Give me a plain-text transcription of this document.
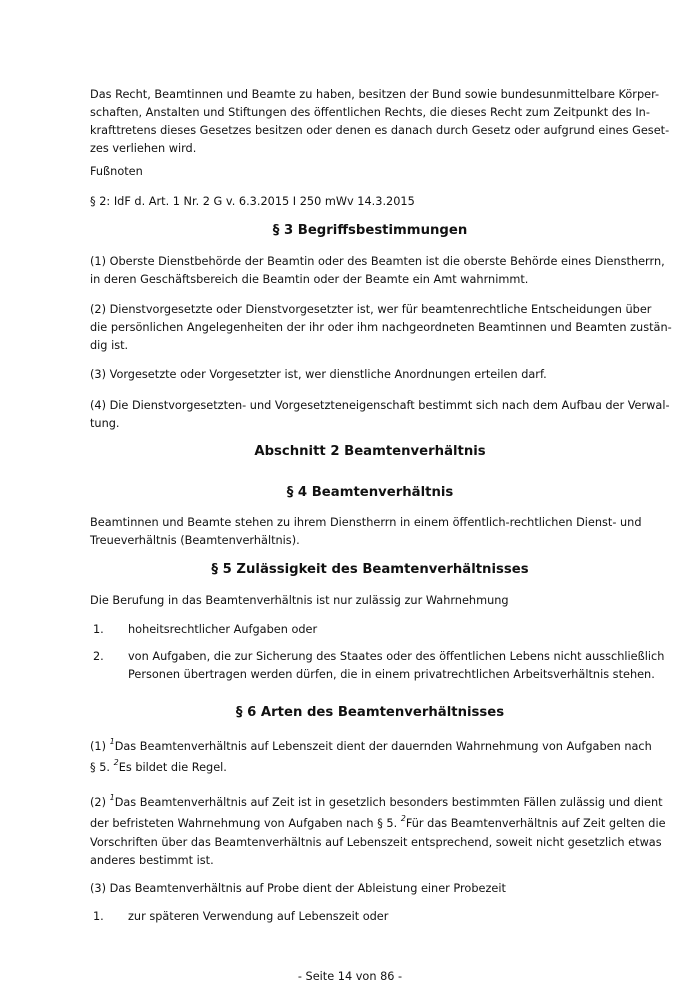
Das Recht, Beamtinnen und Beamte zu haben, besitzen der Bund sowie bundesunmittelbare Körper-
schaften, Anstalten und Stiftungen des öffentlichen Rechts, die dieses Recht zum Zeitpunkt des In-
krafttretens dieses Gesetzes besitzen oder denen es danach durch Gesetz oder aufgrund eines Geset-
zes verliehen wird.

Fußnoten

§ 2: IdF d. Art. 1 Nr. 2 G v. 6.3.2015 I 250 mWv 14.3.2015

§ 3 Begriffsbestimmungen

(1) Oberste Dienstbehörde der Beamtin oder des Beamten ist die oberste Behörde eines Dienstherrn,
in deren Geschäftsbereich die Beamtin oder der Beamte ein Amt wahrnimmt.

(2) Dienstvorgesetzte oder Dienstvorgesetzter ist, wer für beamtenrechtliche Entscheidungen über
die persönlichen Angelegenheiten der ihr oder ihm nachgeordneten Beamtinnen und Beamten zustän-
dig ist.

(3) Vorgesetzte oder Vorgesetzter ist, wer dienstliche Anordnungen erteilen darf.

(4) Die Dienstvorgesetzten- und Vorgesetzteneigenschaft bestimmt sich nach dem Aufbau der Verwal-
tung.

Abschnitt 2 Beamtenverhältnis
§ 4 Beamtenverhältnis

Beamtinnen und Beamte stehen zu ihrem Dienstherrn in einem öffentlich-rechtlichen Dienst- und
Treueverhältnis (Beamtenverhältnis).

§ 5 Zulässigkeit des Beamtenverhältnisses

Die Berufung in das Beamtenverhältnis ist nur zulässig zur Wahrnehmung

1. hoheitsrechtlicher Aufgaben oder
2. von Aufgaben, die zur Sicherung des Staates oder des öffentlichen Lebens nicht ausschließlich
Personen übertragen werden dürfen, die in einem privatrechtlichen Arbeitsverhältnis stehen.
§ 6 Arten des Beamtenverhältnisses

(1) $^1$Das Beamtenverhältnis auf Lebenszeit dient der dauernden Wahrnehmung von Aufgaben nach
§ 5. $^2$Es bildet die Regel.

(2) $^1$Das Beamtenverhältnis auf Zeit ist in gesetzlich besonders bestimmten Fällen zulässig und dient
der befristeten Wahrnehmung von Aufgaben nach § 5. $^2$Für das Beamtenverhältnis auf Zeit gelten die
Vorschriften über das Beamtenverhältnis auf Lebenszeit entsprechend, soweit nicht gesetzlich etwas
anderes bestimmt ist.

(3) Das Beamtenverhältnis auf Probe dient der Ableistung einer Probezeit

1. zur späteren Verwendung auf Lebenszeit oder
- Seite 14 von 86 -
